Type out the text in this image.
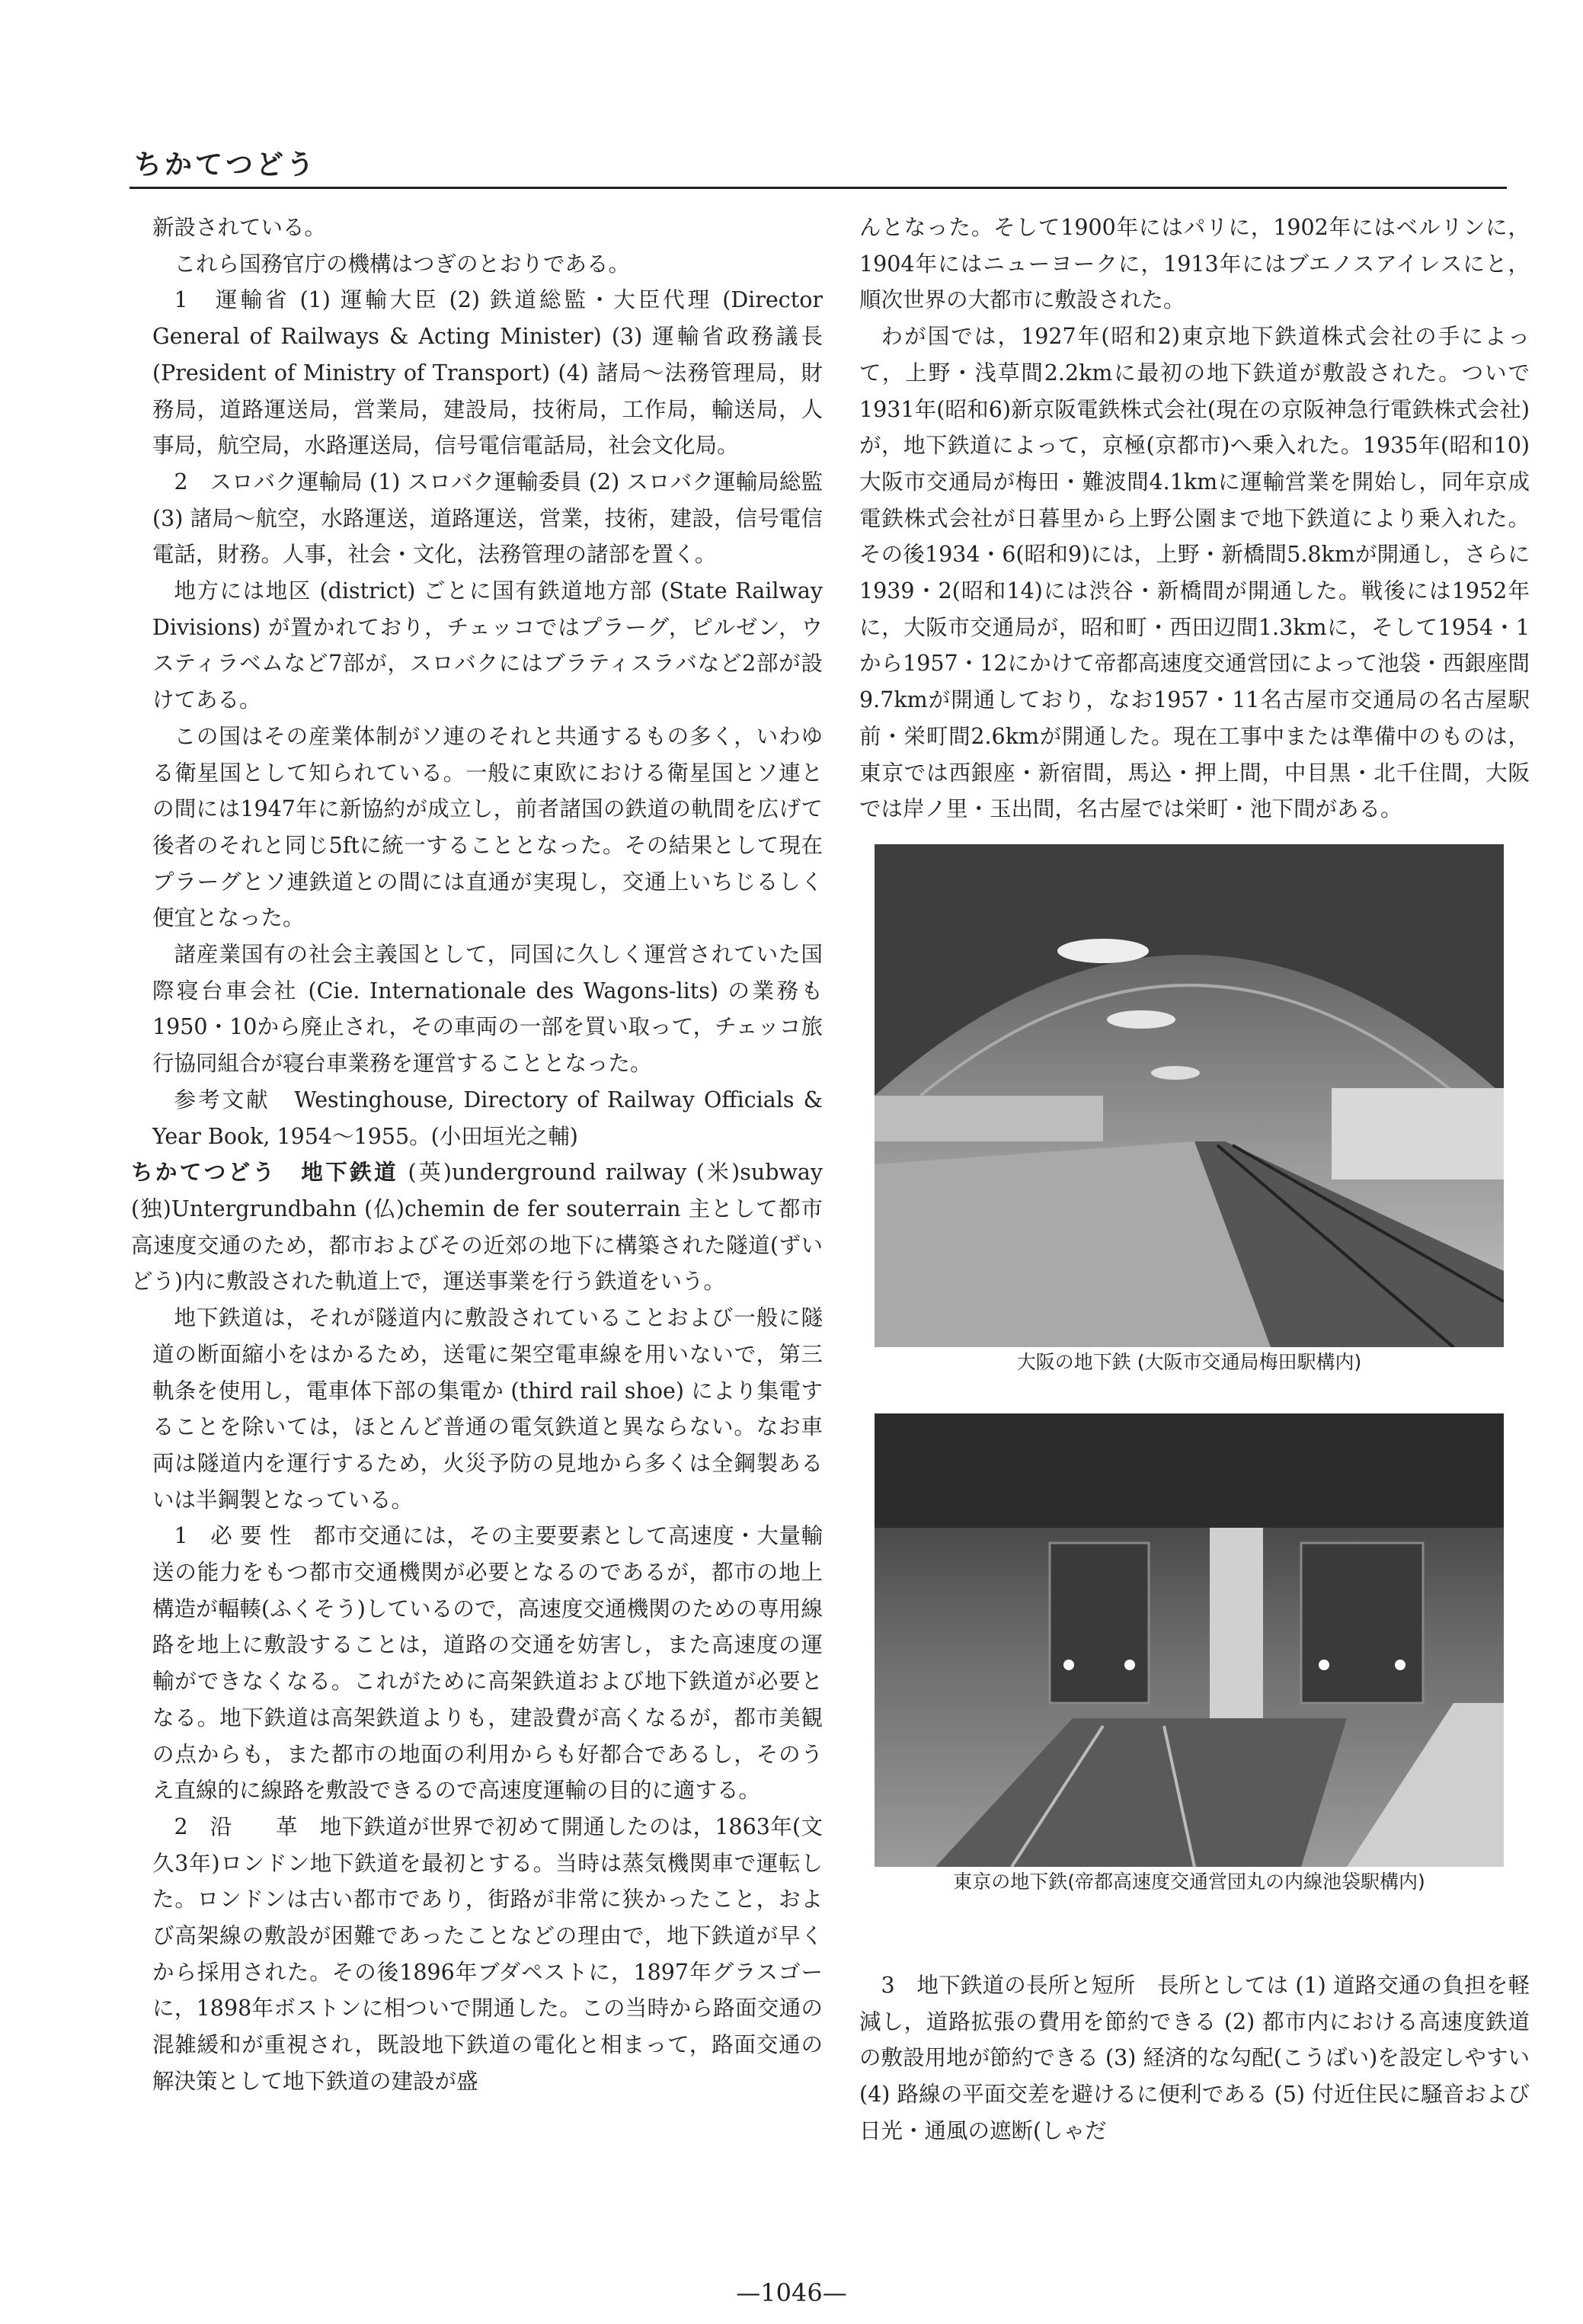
ちかてつどう

新設されている。

これら国務官庁の機構はつぎのとおりである。

1　運輸省 (1) 運輸大臣 (2) 鉄道総監・大臣代理 (Director General of Railways & Acting Minister) (3) 運輸省政務議長(President of Ministry of Transport) (4) 諸局～法務管理局，財務局，道路運送局，営業局，建設局，技術局，工作局，輸送局，人事局，航空局，水路運送局，信号電信電話局，社会文化局。

2　スロバク運輸局 (1) スロバク運輸委員 (2) スロバク運輸局総監 (3) 諸局～航空，水路運送，道路運送，営業，技術，建設，信号電信電話，財務。人事，社会・文化，法務管理の諸部を置く。

地方には地区 (district) ごとに国有鉄道地方部 (State Railway Divisions) が置かれており，チェッコではプラーグ，ピルゼン，ウスティラベムなど7部が，スロバクにはブラティスラバなど2部が設けてある。

この国はその産業体制がソ連のそれと共通するもの多く，いわゆる衛星国として知られている。一般に東欧における衛星国とソ連との間には1947年に新協約が成立し，前者諸国の鉄道の軌間を広げて後者のそれと同じ5ftに統一することとなった。その結果として現在プラーグとソ連鉄道との間には直通が実現し，交通上いちじるしく便宜となった。

諸産業国有の社会主義国として，同国に久しく運営されていた国際寝台車会社 (Cie. Internationale des Wagons-lits) の業務も1950・10から廃止され，その車両の一部を買い取って，チェッコ旅行協同組合が寝台車業務を運営することとなった。

参考文献　Westinghouse, Directory of Railway Officials & Year Book, 1954～1955。(小田垣光之輔)

ちかてつどう　地下鉄道 (英)underground railway (米)subway (独)Untergrundbahn (仏)chemin de fer souterrain 主として都市高速度交通のため，都市およびその近郊の地下に構築された隧道(ずいどう)内に敷設された軌道上で，運送事業を行う鉄道をいう。

地下鉄道は，それが隧道内に敷設されていることおよび一般に隧道の断面縮小をはかるため，送電に架空電車線を用いないで，第三軌条を使用し，電車体下部の集電か (third rail shoe) により集電することを除いては，ほとんど普通の電気鉄道と異ならない。なお車両は隧道内を運行するため，火災予防の見地から多くは全鋼製あるいは半鋼製となっている。

1　必 要 性　都市交通には，その主要要素として高速度・大量輸送の能力をもつ都市交通機関が必要となるのであるが，都市の地上構造が輻輳(ふくそう)しているので，高速度交通機関のための専用線路を地上に敷設することは，道路の交通を妨害し，また高速度の運輸ができなくなる。これがために高架鉄道および地下鉄道が必要となる。地下鉄道は高架鉄道よりも，建設費が高くなるが，都市美観の点からも，また都市の地面の利用からも好都合であるし，そのうえ直線的に線路を敷設できるので高速度運輸の目的に適する。

2　沿　　革　地下鉄道が世界で初めて開通したのは，1863年(文久3年)ロンドン地下鉄道を最初とする。当時は蒸気機関車で運転した。ロンドンは古い都市であり，街路が非常に狭かったこと，および高架線の敷設が困難であったことなどの理由で，地下鉄道が早くから採用された。その後1896年ブダペストに，1897年グラスゴーに，1898年ボストンに相ついで開通した。この当時から路面交通の混雑緩和が重視され，既設地下鉄道の電化と相まって，路面交通の解決策として地下鉄道の建設が盛

んとなった。そして1900年にはパリに，1902年にはベルリンに，1904年にはニューヨークに，1913年にはブエノスアイレスにと，順次世界の大都市に敷設された。

わが国では，1927年(昭和2)東京地下鉄道株式会社の手によって，上野・浅草間2.2kmに最初の地下鉄道が敷設された。ついで1931年(昭和6)新京阪電鉄株式会社(現在の京阪神急行電鉄株式会社)が，地下鉄道によって，京極(京都市)へ乗入れた。1935年(昭和10)大阪市交通局が梅田・難波間4.1kmに運輸営業を開始し，同年京成電鉄株式会社が日暮里から上野公園まで地下鉄道により乗入れた。その後1934・6(昭和9)には，上野・新橋間5.8kmが開通し，さらに1939・2(昭和14)には渋谷・新橋間が開通した。戦後には1952年に，大阪市交通局が，昭和町・西田辺間1.3kmに，そして1954・1から1957・12にかけて帝都高速度交通営団によって池袋・西銀座間9.7kmが開通しており，なお1957・11名古屋市交通局の名古屋駅前・栄町間2.6kmが開通した。現在工事中または準備中のものは，東京では西銀座・新宿間，馬込・押上間，中目黒・北千住間，大阪では岸ノ里・玉出間，名古屋では栄町・池下間がある。

大阪の地下鉄 (大阪市交通局梅田駅構内)
東京の地下鉄(帝都高速度交通営団丸の内線池袋駅構内)

3　地下鉄道の長所と短所　長所としては (1) 道路交通の負担を軽減し，道路拡張の費用を節約できる (2) 都市内における高速度鉄道の敷設用地が節約できる (3) 経済的な勾配(こうばい)を設定しやすい (4) 路線の平面交差を避けるに便利である (5) 付近住民に騒音および日光・通風の遮断(しゃだ

—1046—
